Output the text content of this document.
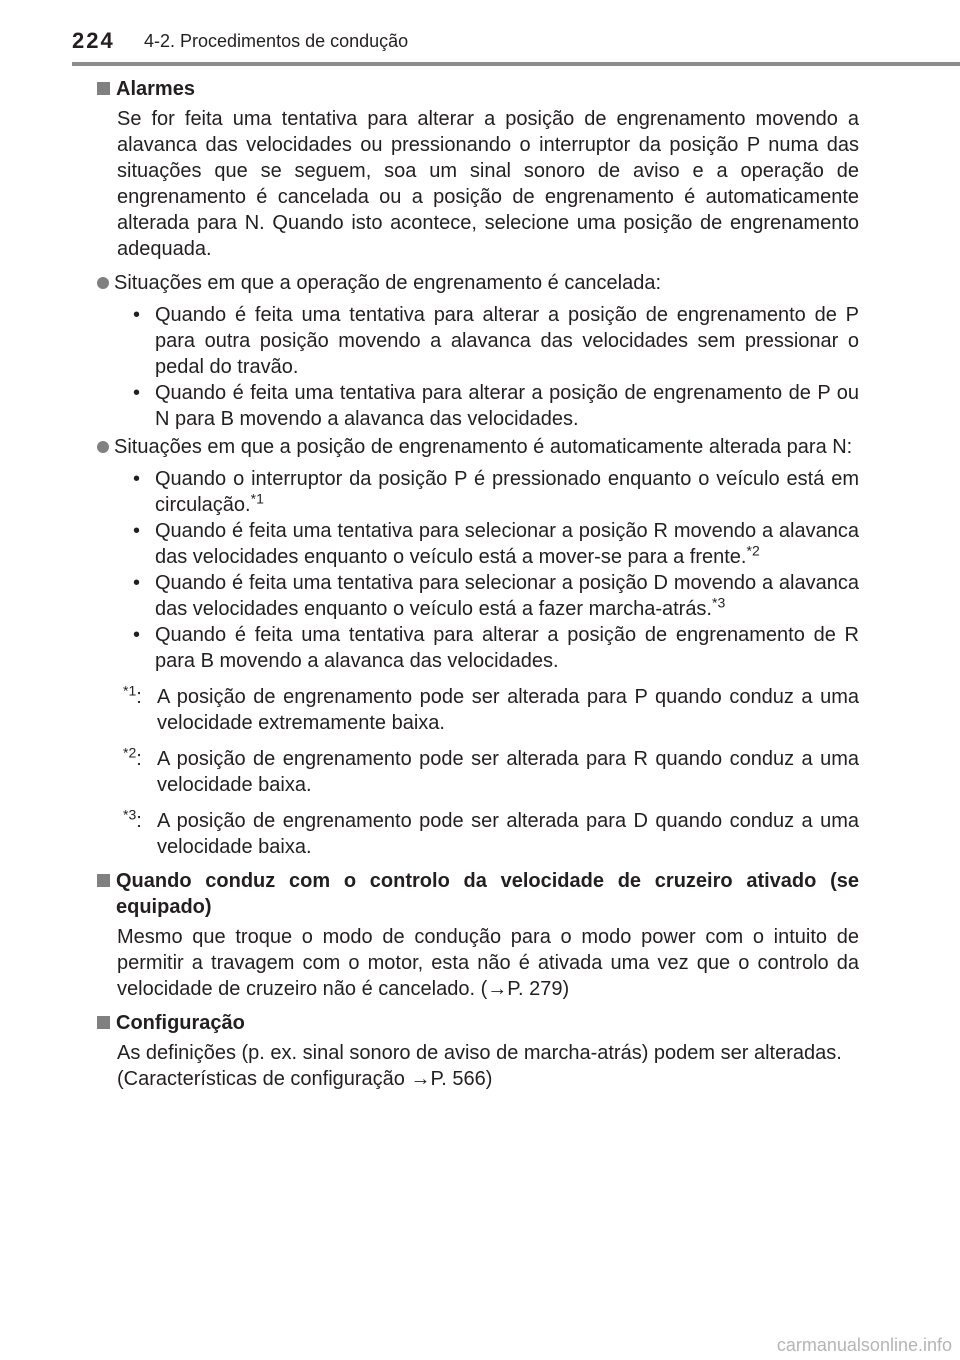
224 4-2. Procedimentos de condução
Alarmes
Se for feita uma tentativa para alterar a posição de engrenamento movendo a alavanca das velocidades ou pressionando o interruptor da posição P numa das situações que se seguem, soa um sinal sonoro de aviso e a operação de engrenamento é cancelada ou a posição de engrenamento é automaticamente alterada para N. Quando isto acontece, selecione uma posição de engrenamento adequada.
Situações em que a operação de engrenamento é cancelada:
• Quando é feita uma tentativa para alterar a posição de engrenamento de P para outra posição movendo a alavanca das velocidades sem pressionar o pedal do travão.
• Quando é feita uma tentativa para alterar a posição de engrenamento de P ou N para B movendo a alavanca das velocidades.
Situações em que a posição de engrenamento é automaticamente alterada para N:
• Quando o interruptor da posição P é pressionado enquanto o veículo está em circulação.$^{*1}$
• Quando é feita uma tentativa para selecionar a posição R movendo a alavanca das velocidades enquanto o veículo está a mover-se para a frente.$^{*2}$
• Quando é feita uma tentativa para selecionar a posição D movendo a alavanca das velocidades enquanto o veículo está a fazer marcha-atrás.$^{*3}$
• Quando é feita uma tentativa para alterar a posição de engrenamento de R para B movendo a alavanca das velocidades.
$^{*1}$: A posição de engrenamento pode ser alterada para P quando conduz a uma velocidade extremamente baixa.
$^{*2}$: A posição de engrenamento pode ser alterada para R quando conduz a uma velocidade baixa.
$^{*3}$: A posição de engrenamento pode ser alterada para D quando conduz a uma velocidade baixa.
Quando conduz com o controlo da velocidade de cruzeiro ativado (se equipado)
Mesmo que troque o modo de condução para o modo power com o intuito de permitir a travagem com o motor, esta não é ativada uma vez que o controlo da velocidade de cruzeiro não é cancelado. (→P. 279)
Configuração
As definições (p. ex. sinal sonoro de aviso de marcha-atrás) podem ser alteradas.
(Características de configuração →P. 566)
carmanualsonline.info
